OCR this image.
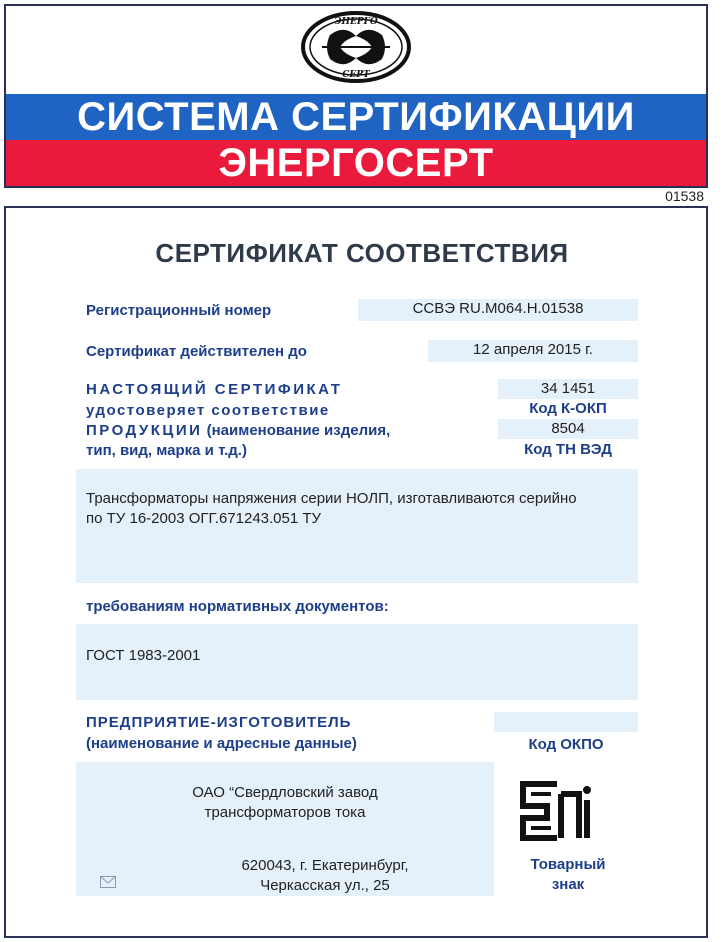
ЭНЕРГО
СЕРТ
СИСТЕМА СЕРТИФИКАЦИИ
ЭНЕРГОСЕРТ
01538
СЕРТИФИКАТ СООТВЕТСТВИЯ
Регистрационный номер	ССВЭ RU.М064.Н.01538
Сертификат действителен до	12 апреля 2015 г.
НАСТОЯЩИЙ СЕРТИФИКАТ
удостоверяет соответствие
ПРОДУКЦИИ (наименование изделия,
тип, вид, марка и т.д.)
34 1451
Код К-ОКП
8504
Код ТН ВЭД
Трансформаторы напряжения серии НОЛП, изготавливаются серийно
по ТУ 16-2003 ОГГ.671243.051 ТУ
требованиям нормативных документов:
ГОСТ 1983-2001
ПРЕДПРИЯТИЕ-ИЗГОТОВИТЕЛЬ
(наименование и адресные данные)	Код ОКПО
ОАО “Свердловский завод
трансформаторов тока
620043, г. Екатеринбург,
Черкасская ул., 25
Товарный
знак
